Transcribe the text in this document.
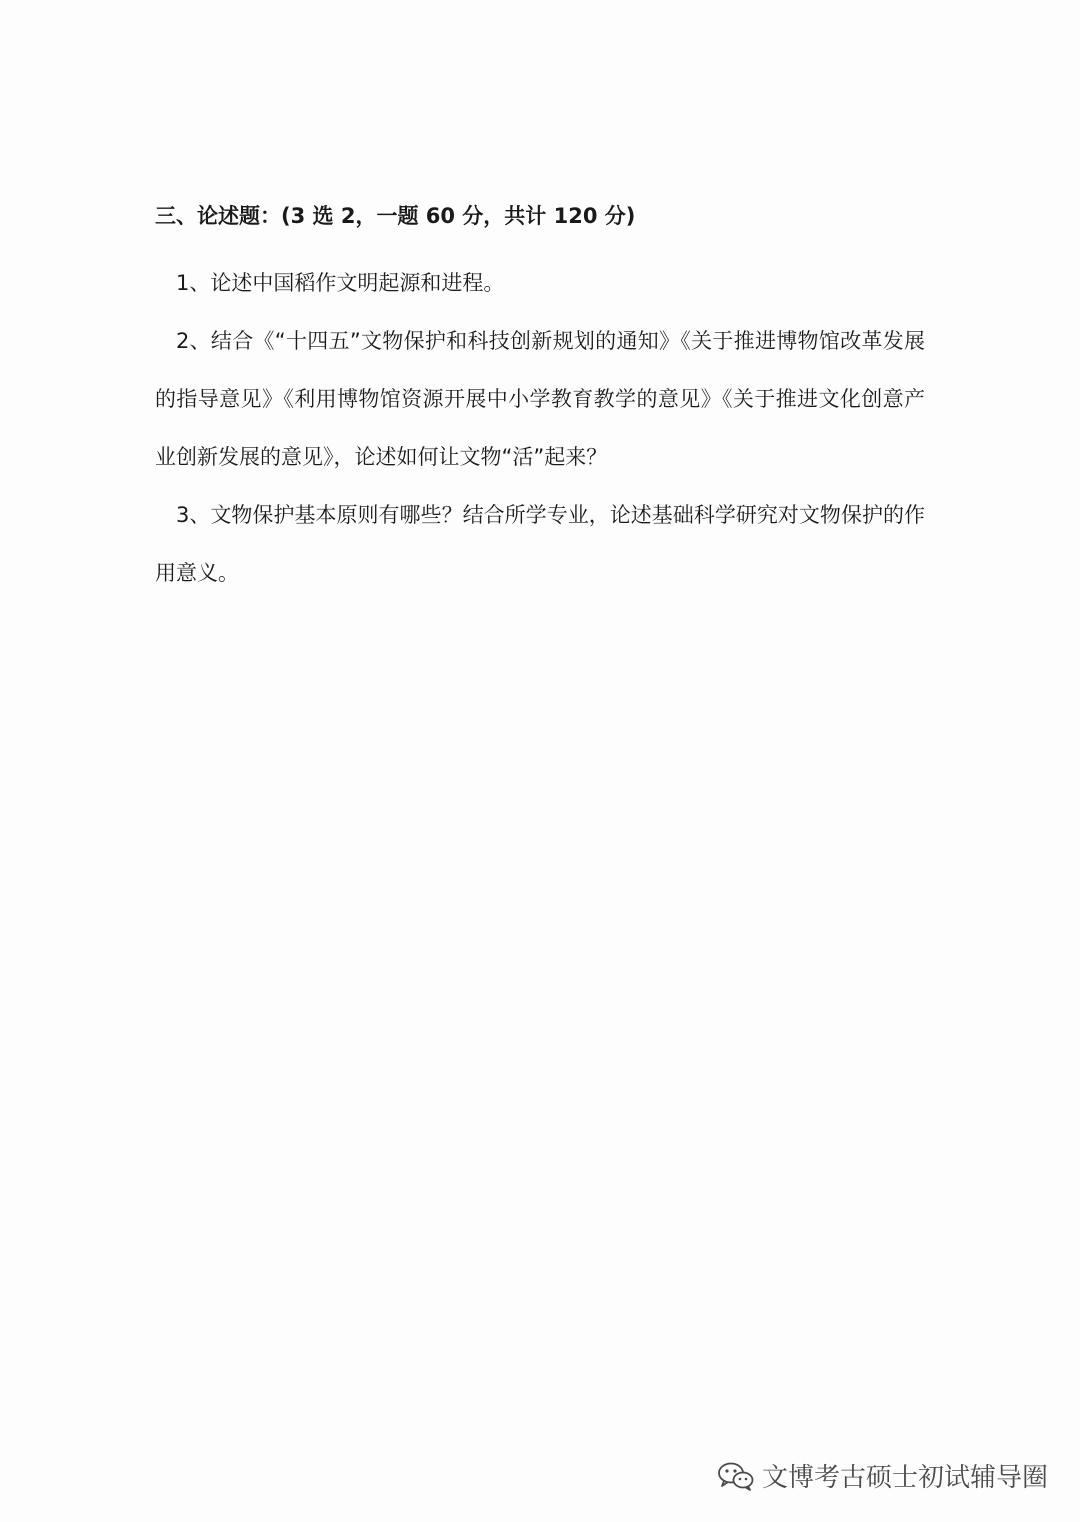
三、论述题：(3 选 2，一题 60 分，共计 120 分)

1、论述中国稻作文明起源和进程。

2、结合《“十四五”文物保护和科技创新规划的通知》《关于推进博物馆改革发展的指导意见》《利用博物馆资源开展中小学教育教学的意见》《关于推进文化创意产业创新发展的意见》，论述如何让文物“活”起来？

3、文物保护基本原则有哪些？结合所学专业，论述基础科学研究对文物保护的作用意义。

文博考古硕士初试辅导圈
